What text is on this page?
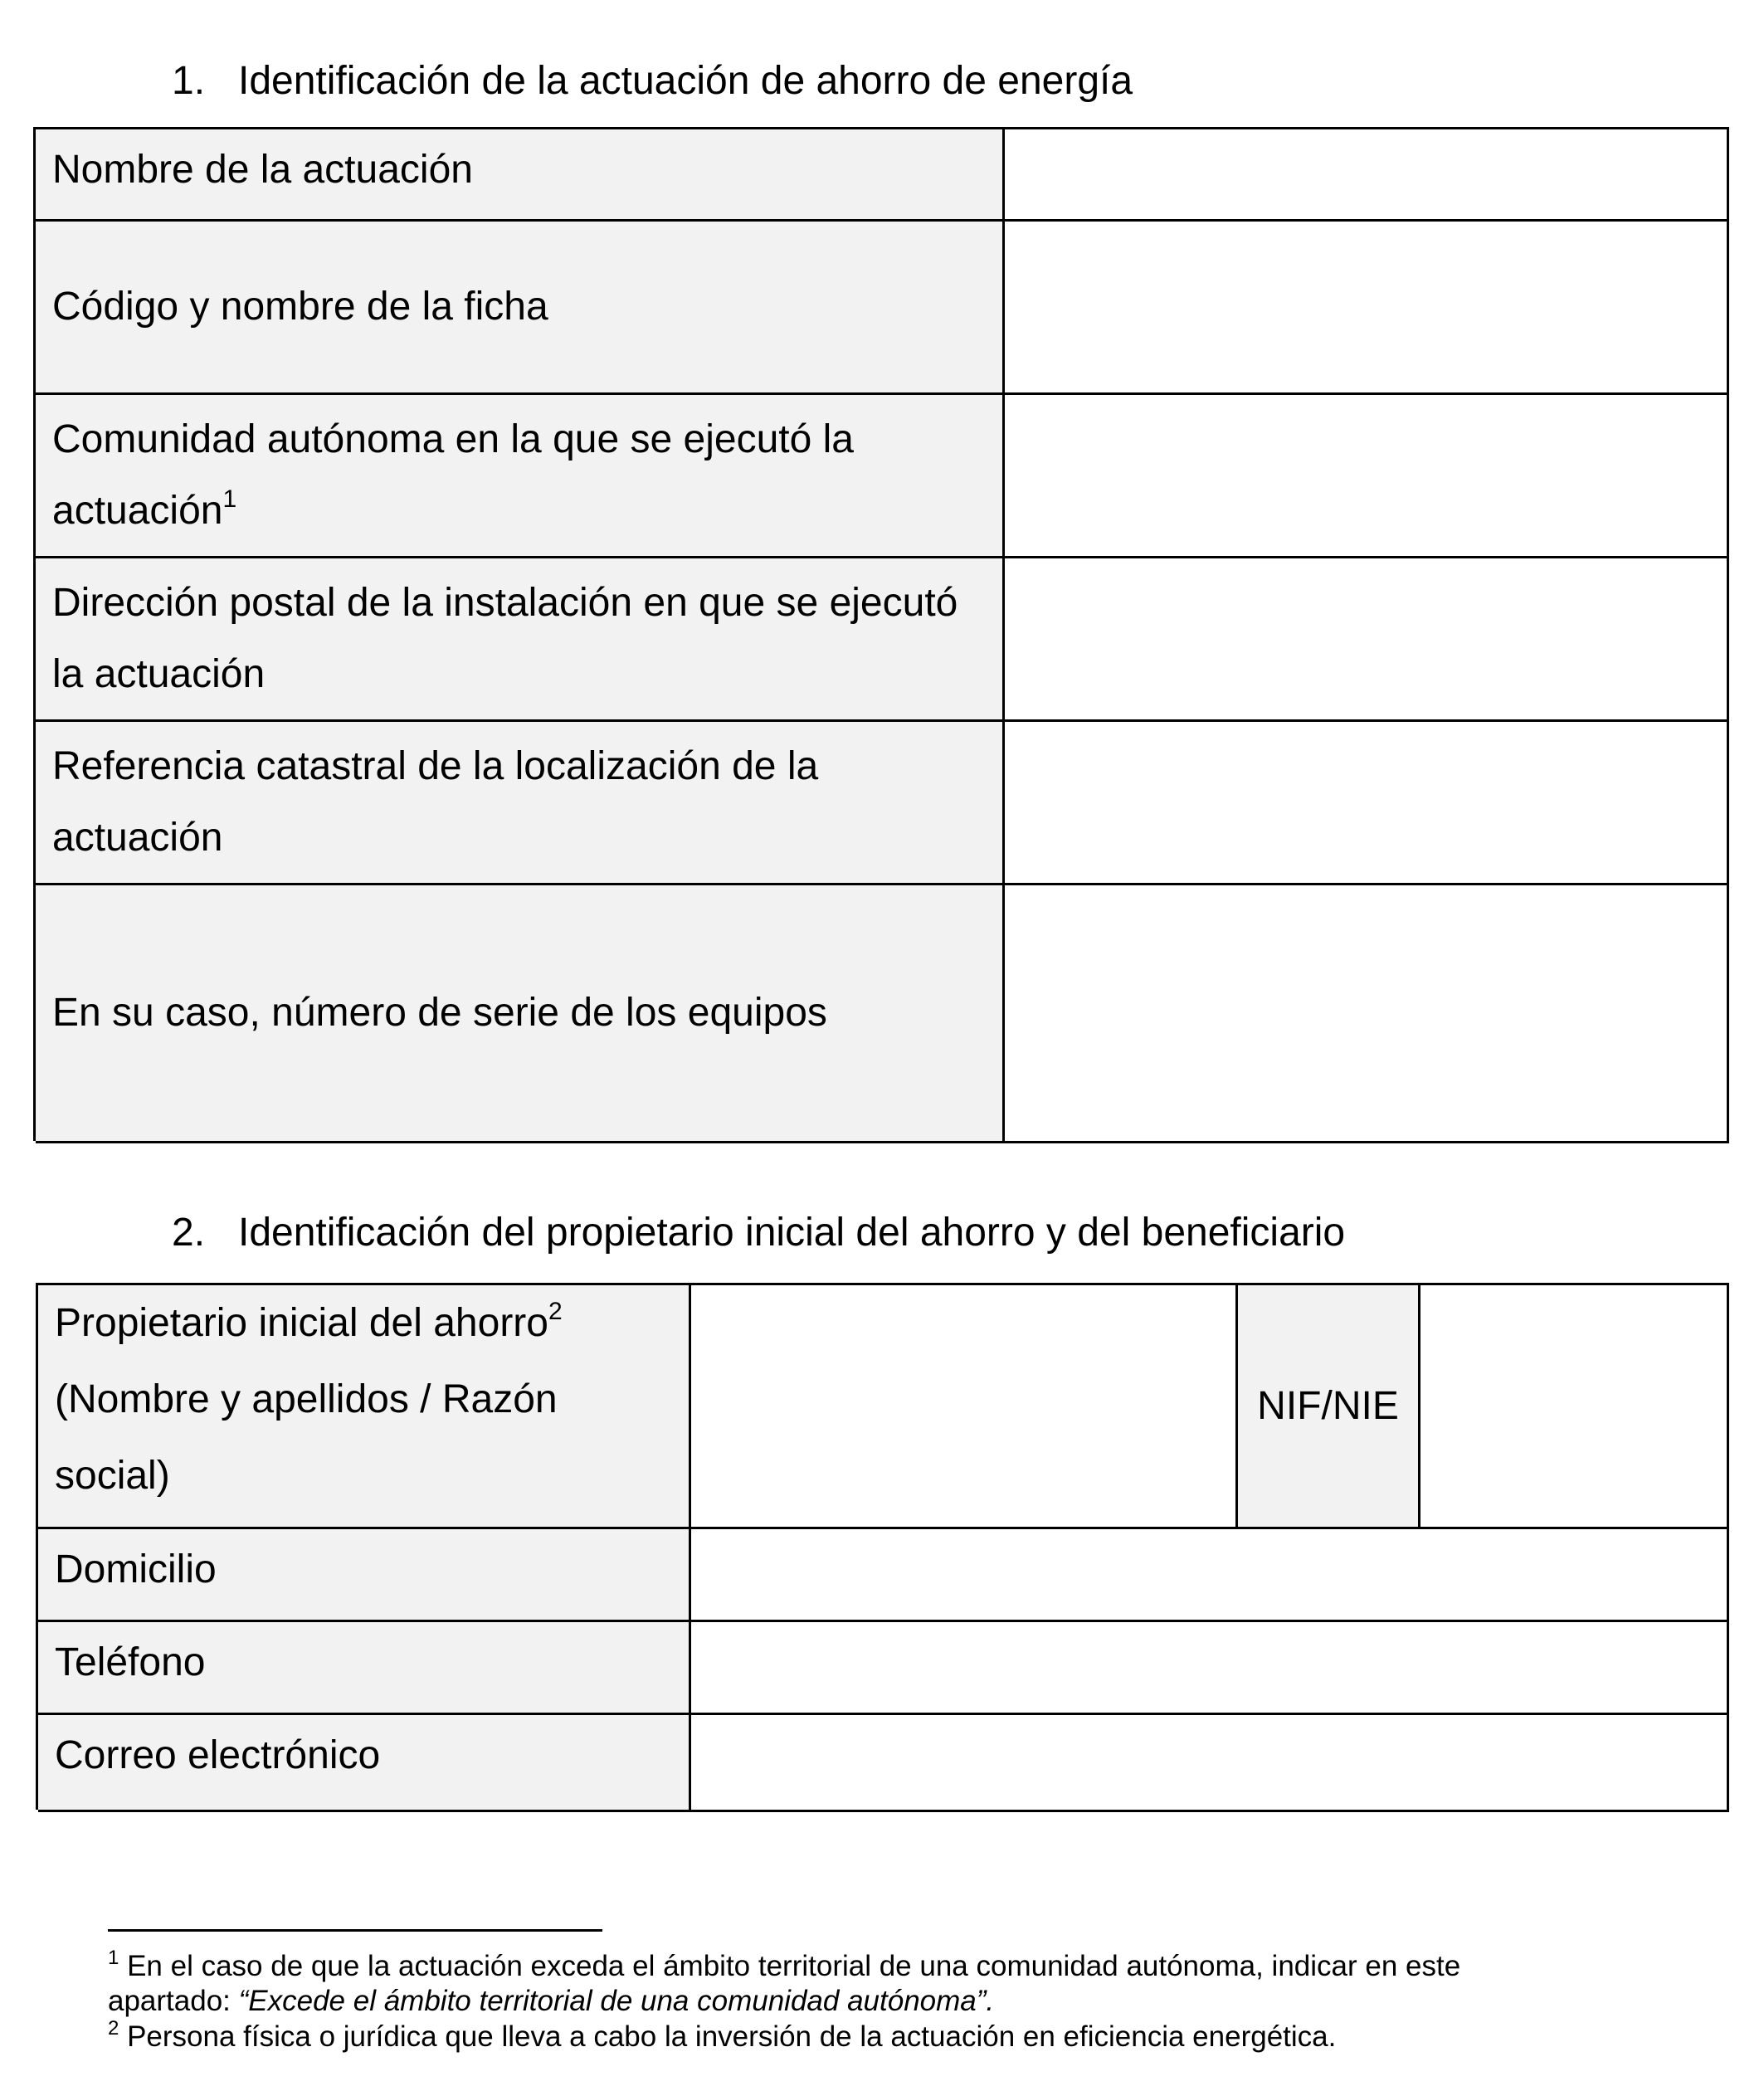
1. Identificación de la actuación de ahorro de energía
Nombre de la actuación
Código y nombre de la ficha
Comunidad autónoma en la que se ejecutó la
actuación$^1$
Dirección postal de la instalación en que se ejecutó
la actuación
Referencia catastral de la localización de la
actuación
En su caso, número de serie de los equipos
2. Identificación del propietario inicial del ahorro y del beneficiario
Propietario inicial del ahorro$^2$
(Nombre y apellidos / Razón
social)
NIF/NIE
Domicilio
Teléfono
Correo electrónico
$^1$ En el caso de que la actuación exceda el ámbito territorial de una comunidad autónoma, indicar en este
apartado: “Excede el ámbito territorial de una comunidad autónoma”.
$^2$ Persona física o jurídica que lleva a cabo la inversión de la actuación en eficiencia energética.
